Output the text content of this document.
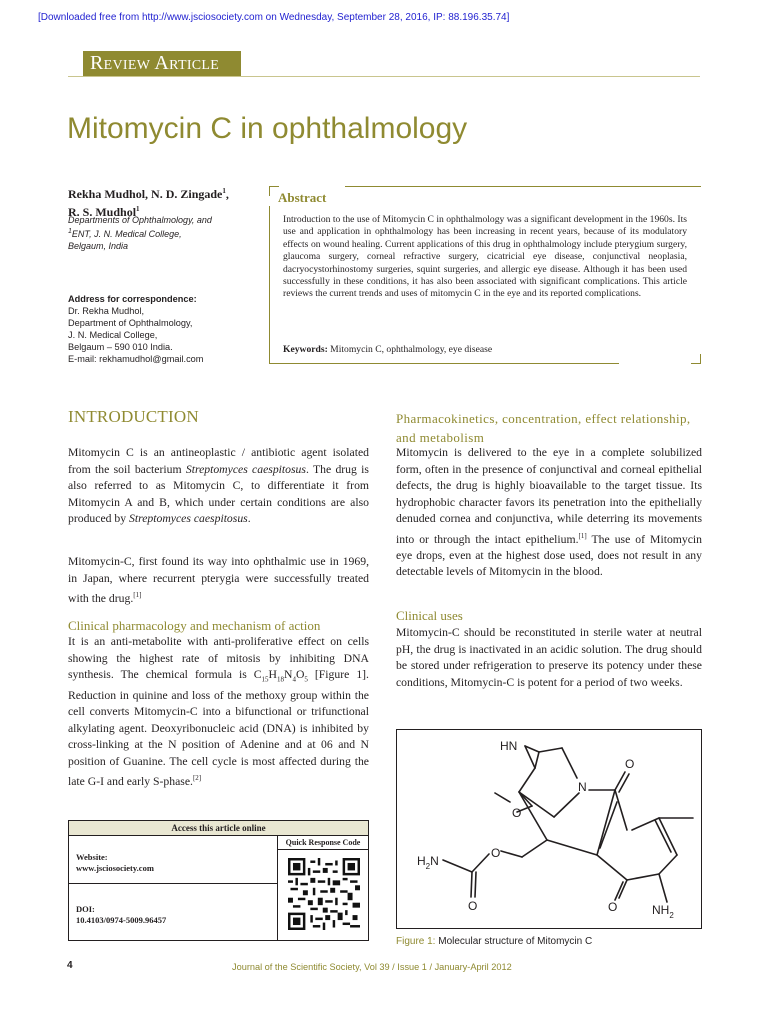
[Downloaded free from http://www.jsciosociety.com on Wednesday, September 28, 2016, IP: 88.196.35.74]
Review Article
Mitomycin C in ophthalmology
Rekha Mudhol, N. D. Zingade$^1$,
R. S. Mudhol$^1$
Departments of Ophthalmology, and
$^1$ENT, J. N. Medical College,
Belgaum, India
Address for correspondence:
Dr. Rekha Mudhol,
Department of Ophthalmology,
J. N. Medical College,
Belgaum – 590 010 India.
E-mail: rekhamudhol@gmail.com
Abstract
Introduction to the use of Mitomycin C in ophthalmology was a significant development in the 1960s. Its use and application in ophthalmology has been increasing in recent years, because of its modulatory effects on wound healing. Current applications of this drug in ophthalmology include pterygium surgery, glaucoma surgery, corneal refractive surgery, cicatricial eye disease, conjunctival neoplasia, dacryocystorhinostomy surgeries, squint surgeries, and allergic eye disease. Although it has been used successfully in these conditions, it has also been associated with significant complications. This article reviews the current trends and uses of mitomycin C in the eye and its reported complications.
Keywords: Mitomycin C, ophthalmology, eye disease
INTRODUCTION
Mitomycin C is an antineoplastic / antibiotic agent isolated from the soil bacterium Streptomyces caespitosus. The drug is also referred to as Mitomycin C, to differentiate it from Mitomycin A and B, which under certain conditions are also produced by Streptomyces caespitosus.
Mitomycin-C, first found its way into ophthalmic use in 1969, in Japan, where recurrent pterygia were successfully treated with the drug.[1]
Clinical pharmacology and mechanism of action
It is an anti-metabolite with anti-proliferative effect on cells showing the highest rate of mitosis by inhibiting DNA synthesis. The chemical formula is $C_{15}H_{18}N_4O_5$ [Figure 1]. Reduction in quinine and loss of the methoxy group within the cell converts Mitomycin-C into a bifunctional or trifunctional alkylating agent. Deoxyribonucleic acid (DNA) is inhibited by cross-linking at the N position of Adenine and at 06 and N position of Guanine. The cell cycle is most affected during the late G-I and early S-phase.[2]
Access this article online
Quick Response Code
Website:
www.jsciosociety.com
DOI:
10.4103/0974-5009.96457
Pharmacokinetics, concentration, effect relationship, and metabolism
Mitomycin is delivered to the eye in a complete solubilized form, often in the presence of conjunctival and corneal epithelial defects, the drug is highly bioavailable to the target tissue. Its hydrophobic character favors its penetration into the epithelially denuded cornea and conjunctiva, while deterring its movements into or through the intact epithelium.[1] The use of Mitomycin eye drops, even at the highest dose used, does not result in any detectable levels of Mitomycin in the blood.
Clinical uses
Mitomycin-C should be reconstituted in sterile water at neutral pH, the drug is inactivated in an acidic solution. The drug should be stored under refrigeration to preserve its potency under these conditions, Mitomycin-C is potent for a period of two weeks.
HN
N
O
O
O
O
O
$H_2N$
$NH_2$
Figure 1: Molecular structure of Mitomycin C
4	Journal of the Scientific Society, Vol 39 / Issue 1 / January-April 2012
